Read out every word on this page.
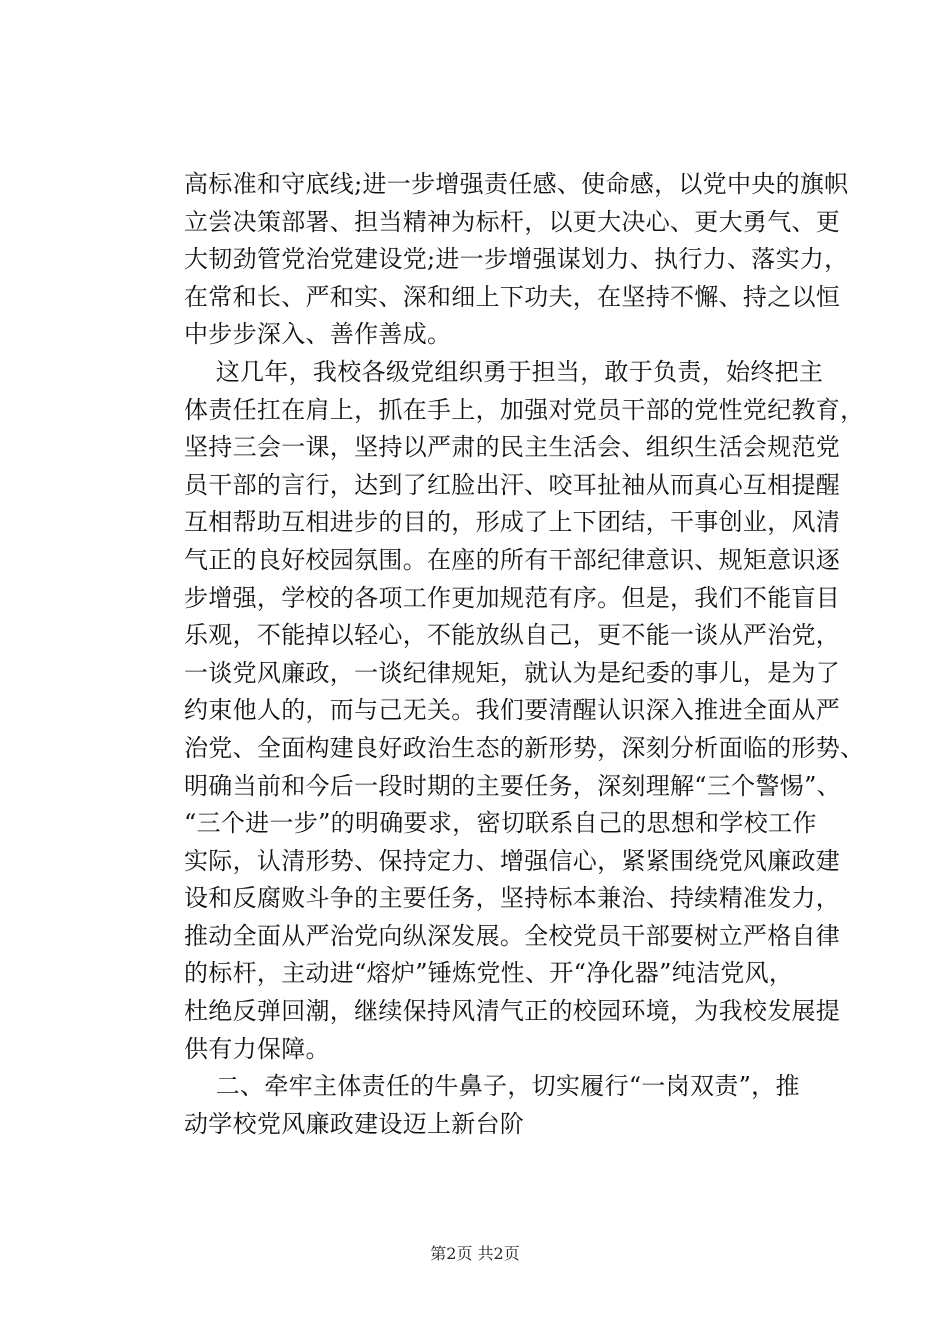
高标准和守底线;进一步增强责任感、使命感，以党中央的旗帜
立尝决策部署、担当精神为标杆，以更大决心、更大勇气、更
大韧劲管党治党建设党;进一步增强谋划力、执行力、落实力，
在常和长、严和实、深和细上下功夫，在坚持不懈、持之以恒
中步步深入、善作善成。
这几年，我校各级党组织勇于担当，敢于负责，始终把主
体责任扛在肩上，抓在手上，加强对党员干部的党性党纪教育，
坚持三会一课，坚持以严肃的民主生活会、组织生活会规范党
员干部的言行，达到了红脸出汗、咬耳扯袖从而真心互相提醒
互相帮助互相进步的目的，形成了上下团结，干事创业，风清
气正的良好校园氛围。在座的所有干部纪律意识、规矩意识逐
步增强，学校的各项工作更加规范有序。但是，我们不能盲目
乐观，不能掉以轻心，不能放纵自己，更不能一谈从严治党，
一谈党风廉政，一谈纪律规矩，就认为是纪委的事儿，是为了
约束他人的，而与己无关。我们要清醒认识深入推进全面从严
治党、全面构建良好政治生态的新形势，深刻分析面临的形势、
明确当前和今后一段时期的主要任务，深刻理解“三个警惕”、
“三个进一步”的明确要求，密切联系自己的思想和学校工作
实际，认清形势、保持定力、增强信心，紧紧围绕党风廉政建
设和反腐败斗争的主要任务，坚持标本兼治、持续精准发力，
推动全面从严治党向纵深发展。全校党员干部要树立严格自律
的标杆，主动进“熔炉”锤炼党性、开“净化器”纯洁党风，
杜绝反弹回潮，继续保持风清气正的校园环境，为我校发展提
供有力保障。
二、牵牢主体责任的牛鼻子，切实履行“一岗双责”，推
动学校党风廉政建设迈上新台阶
第2页 共2页
